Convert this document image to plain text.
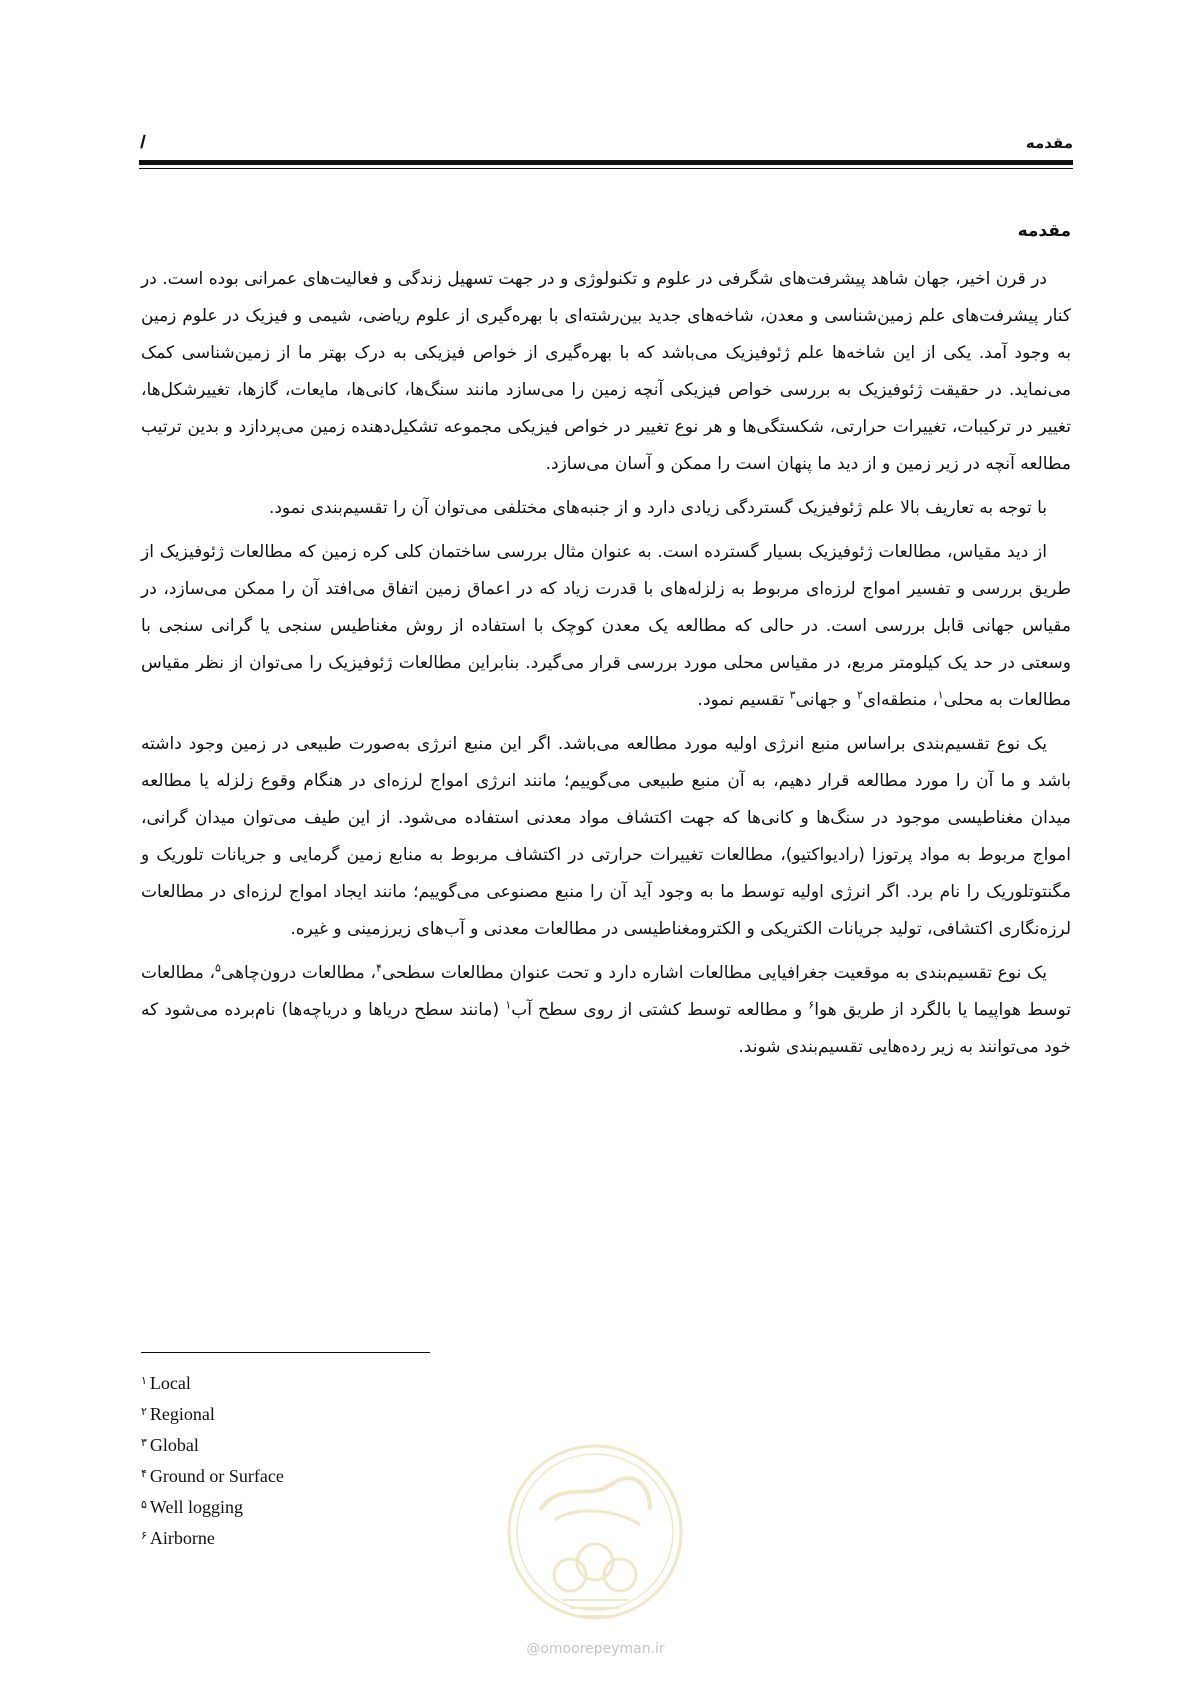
مقدمه
ا
مقدمه

در قرن اخیر، جهان شاهد پیشرفت‌های شگرفی در علوم و تکنولوژی و در جهت تسهیل زندگی و فعالیت‌های عمرانی بوده است. در کنار پیشرفت‌های علم زمین‌شناسی و معدن، شاخه‌های جدید بین‌رشته‌ای با بهره‌گیری از علوم ریاضی، شیمی و فیزیک در علوم زمین به وجود آمد. یکی از این شاخه‌ها علم ژئوفیزیک می‌باشد که با بهره‌گیری از خواص فیزیکی به درک بهتر ما از زمین‌شناسی کمک می‌نماید. در حقیقت ژئوفیزیک به بررسی خواص فیزیکی آنچه زمین را می‌سازد مانند سنگ‌ها، کانی‌ها، مایعات، گازها، تغییرشکل‌ها، تغییر در ترکیبات، تغییرات حرارتی، شکستگی‌ها و هر نوع تغییر در خواص فیزیکی مجموعه تشکیل‌دهنده زمین می‌پردازد و بدین ترتیب مطالعه آنچه در زیر زمین و از دید ما پنهان است را ممکن و آسان می‌سازد.

با توجه به تعاریف بالا علم ژئوفیزیک گستردگی زیادی دارد و از جنبه‌های مختلفی می‌توان آن را تقسیم‌بندی نمود.

از دید مقیاس، مطالعات ژئوفیزیک بسیار گسترده است. به عنوان مثال بررسی ساختمان کلی کره زمین که مطالعات ژئوفیزیک از طریق بررسی و تفسیر امواج لرزه‌ای مربوط به زلزله‌های با قدرت زیاد که در اعماق زمین اتفاق می‌افتد آن را ممکن می‌سازد، در مقیاس جهانی قابل بررسی است. در حالی که مطالعه یک معدن کوچک با استفاده از روش مغناطیس سنجی یا گرانی سنجی با وسعتی در حد یک کیلومتر مربع، در مقیاس محلی مورد بررسی قرار می‌گیرد. بنابراین مطالعات ژئوفیزیک را می‌توان از نظر مقیاس مطالعات به محلی$^۱$، منطقه‌ای$^۲$ و جهانی$^۳$ تقسیم نمود.

یک نوع تقسیم‌بندی براساس منبع انرژی اولیه مورد مطالعه می‌باشد. اگر این منبع انرژی به‌صورت طبیعی در زمین وجود داشته باشد و ما آن را مورد مطالعه قرار دهیم، به آن منبع طبیعی می‌گوییم؛ مانند انرژی امواج لرزه‌ای در هنگام وقوع زلزله یا مطالعه میدان مغناطیسی موجود در سنگ‌ها و کانی‌ها که جهت اکتشاف مواد معدنی استفاده می‌شود. از این طیف می‌توان میدان گرانی، امواج مربوط به مواد پرتوزا (رادیواکتیو)، مطالعات تغییرات حرارتی در اکتشاف مربوط به منابع زمین گرمایی و جریانات تلوریک و مگنتوتلوریک را نام برد. اگر انرژی اولیه توسط ما به وجود آید آن را منبع مصنوعی می‌گوییم؛ مانند ایجاد امواج لرزه‌ای در مطالعات لرزه‌نگاری اکتشافی، تولید جریانات الکتریکی و الکترومغناطیسی در مطالعات معدنی و آب‌های زیرزمینی و غیره.

یک نوع تقسیم‌بندی به موقعیت جغرافیایی مطالعات اشاره دارد و تحت عنوان مطالعات سطحی$^۴$، مطالعات درون‌چاهی$^۵$، مطالعات توسط هواپیما یا بالگرد از طریق هوا$^۶$ و مطالعه توسط کشتی از روی سطح آب$^۱$ (مانند سطح دریاها و دریاچه‌ها) نام‌برده می‌شود که خود می‌توانند به زیر رده‌هایی تقسیم‌بندی شوند.

$^۱$ Local
$^۲$ Regional
$^۳$ Global
$^۴$ Ground or Surface
$^۵$ Well logging
$^۶$ Airborne
@omoorepeyman.ir
